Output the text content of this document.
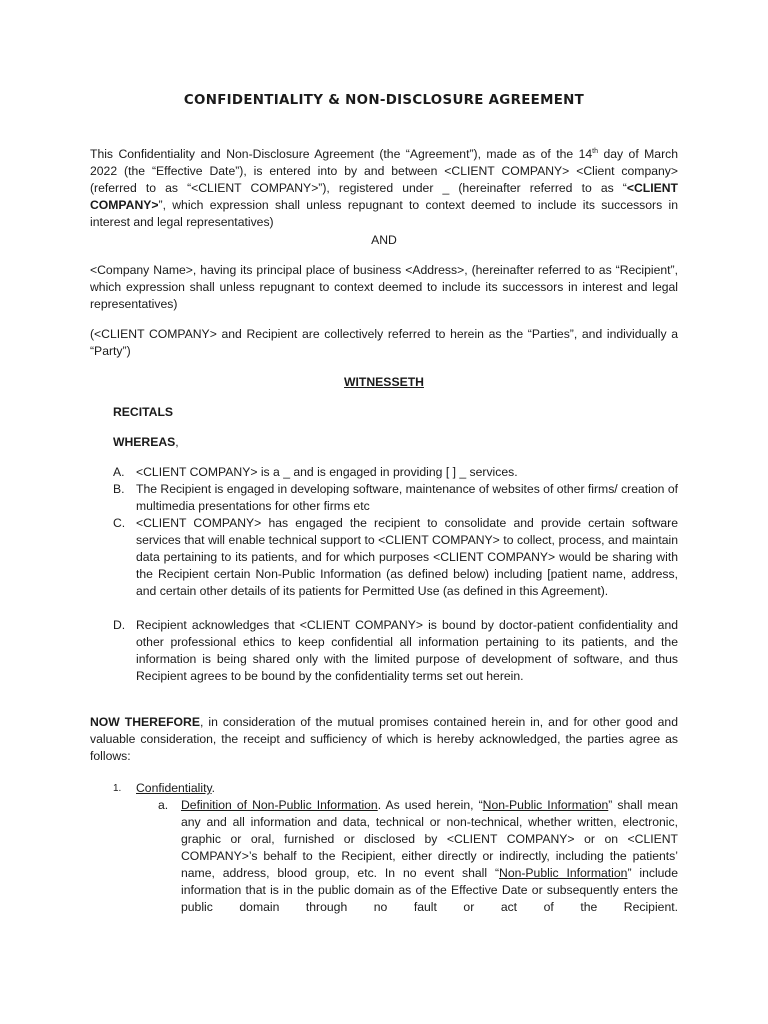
CONFIDENTIALITY & NON-DISCLOSURE AGREEMENT

This Confidentiality and Non-Disclosure Agreement (the “Agreement”), made as of the 14th day of March 2022 (the “Effective Date”), is entered into by and between <CLIENT COMPANY> <Client company> (referred to as “<CLIENT COMPANY>”), registered under _ (hereinafter referred to as “<CLIENT COMPANY>”, which expression shall unless repugnant to context deemed to include its successors in interest and legal representatives)

AND

<Company Name>, having its principal place of business <Address>, (hereinafter referred to as “Recipient”, which expression shall unless repugnant to context deemed to include its successors in interest and legal representatives)

(<CLIENT COMPANY> and Recipient are collectively referred to herein as the “Parties”, and individually a “Party”)

WITNESSETH

RECITALS

WHEREAS,

A. <CLIENT COMPANY> is a _ and is engaged in providing [ ] _ services.
B. The Recipient is engaged in developing software, maintenance of websites of other firms/ creation of multimedia presentations for other firms etc
C. <CLIENT COMPANY> has engaged the recipient to consolidate and provide certain software services that will enable technical support to <CLIENT COMPANY> to collect, process, and maintain data pertaining to its patients, and for which purposes <CLIENT COMPANY> would be sharing with the Recipient certain Non-Public Information (as defined below) including [patient name, address, and certain other details of its patients for Permitted Use (as defined in this Agreement).
D. Recipient acknowledges that <CLIENT COMPANY> is bound by doctor-patient confidentiality and other professional ethics to keep confidential all information pertaining to its patients, and the information is being shared only with the limited purpose of development of software, and thus Recipient agrees to be bound by the confidentiality terms set out herein.

NOW THEREFORE, in consideration of the mutual promises contained herein in, and for other good and valuable consideration, the receipt and sufficiency of which is hereby acknowledged, the parties agree as follows:

1.	Confidentiality.
a.	Definition of Non-Public Information. As used herein, “Non-Public Information” shall mean any and all information and data, technical or non-technical, whether written, electronic, graphic or oral, furnished or disclosed by <CLIENT COMPANY> or on <CLIENT COMPANY>’s behalf to the Recipient, either directly or indirectly, including the patients’ name, address, blood group, etc. In no event shall “Non-Public Information” include information that is in the public domain as of the Effective Date or subsequently enters the public domain through no fault or act of the Recipient.
